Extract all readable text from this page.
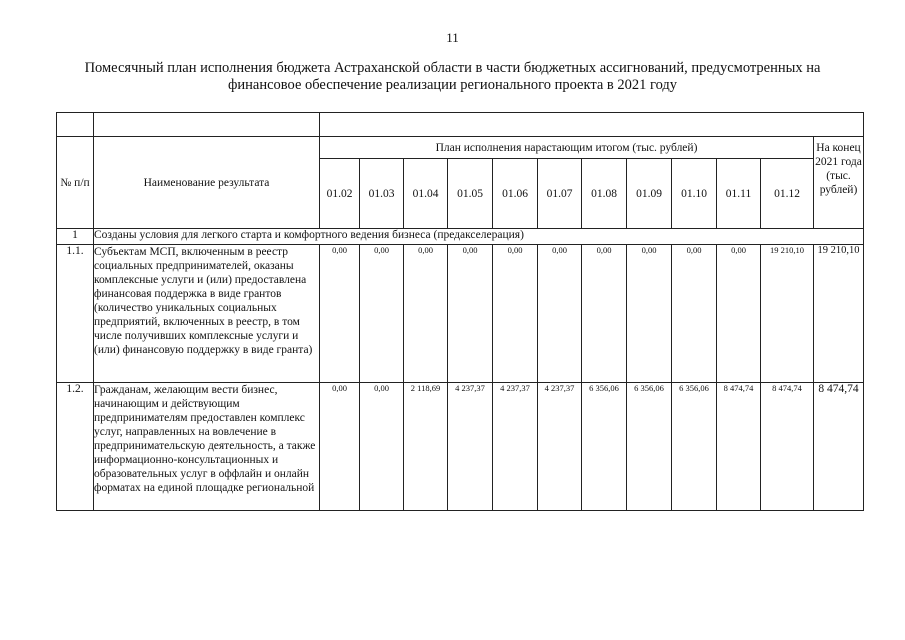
11
Помесячный план исполнения бюджета Астраханской области в части бюджетных ассигнований, предусмотренных на
финансовое обеспечение реализации регионального проекта в 2021 году

№ п/п	Наименование результата	План исполнения нарастающим итогом (тыс. рублей)											На конец 2021 года (тыс. рублей)
		01.02	01.03	01.04	01.05	01.06	01.07	01.08	01.09	01.10	01.11	01.12	
1	Созданы условия для легкого старта и комфортного ведения бизнеса (предакселерация)												
1.1.	Субъектам МСП, включенным в реестр социальных предпринимателей, оказаны комплексные услуги и (или) предоставлена финансовая поддержка в виде грантов (количество уникальных социальных предприятий, включенных в реестр, в том числе получивших комплексные услуги и (или) финансовую поддержку в виде гранта)	0,00	0,00	0,00	0,00	0,00	0,00	0,00	0,00	0,00	0,00	19 210,10	19 210,10
1.2.	Гражданам, желающим вести бизнес, начинающим и действующим предпринимателям предоставлен комплекс услуг, направленных на вовлечение в предпринимательскую деятельность, а также информационно-консультационных и образовательных услуг в оффлайн и онлайн форматах на единой площадке региональной	0,00	0,00	2 118,69	4 237,37	4 237,37	4 237,37	6 356,06	6 356,06	6 356,06	8 474,74	8 474,74	8 474,74
